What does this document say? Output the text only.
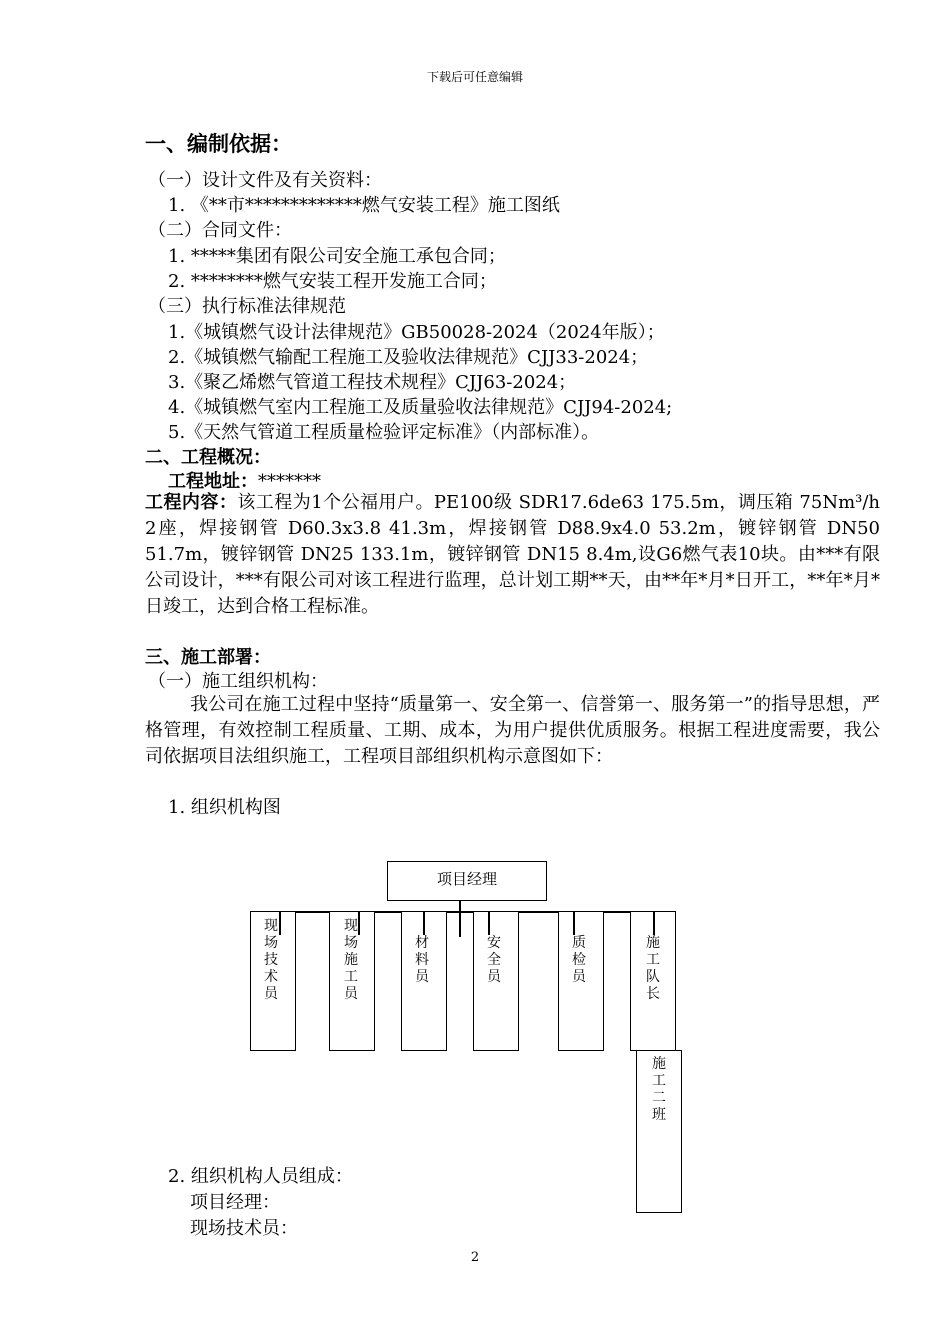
下载后可任意编辑
一、编制依据：
（一）设计文件及有关资料：
1. 《**市*************燃气安装工程》施工图纸
（二）合同文件：
1. *****集团有限公司安全施工承包合同；
2. ********燃气安装工程开发施工合同；
（三）执行标准法律规范
1.《城镇燃气设计法律规范》GB50028-2024（2024年版）；
2.《城镇燃气输配工程施工及验收法律规范》CJJ33-2024；
3.《聚乙烯燃气管道工程技术规程》CJJ63-2024；
4.《城镇燃气室内工程施工及质量验收法律规范》CJJ94-2024;
5.《天然气管道工程质量检验评定标准》（内部标准）。
二、工程概况：
工程地址：*******
工程内容：该工程为1个公福用户。PE100级 SDR17.6de63 175.5m，调压箱 75Nm³/h 2座，焊接钢管 D60.3x3.8 41.3m，焊接钢管 D88.9x4.0 53.2m，镀锌钢管 DN50 51.7m，镀锌钢管 DN25 133.1m，镀锌钢管 DN15 8.4m,设G6燃气表10块。由***有限公司设计，***有限公司对该工程进行监理，总计划工期**天，由**年*月*日开工，**年*月* 日竣工，达到合格工程标准。
三、施工部署：
（一）施工组织机构：
我公司在施工过程中坚持“质量第一、安全第一、信誉第一、服务第一”的指导思想，严格管理，有效控制工程质量、工期、成本，为用户提供优质服务。根据工程进度需要，我公司依据项目法组织施工，工程项目部组织机构示意图如下：
1. 组织机构图
项目经理
现场技术员
现场施工员
材料员
安全员
质检员
施工队长
施工二班
2. 组织机构人员组成：
项目经理：
现场技术员：
2
